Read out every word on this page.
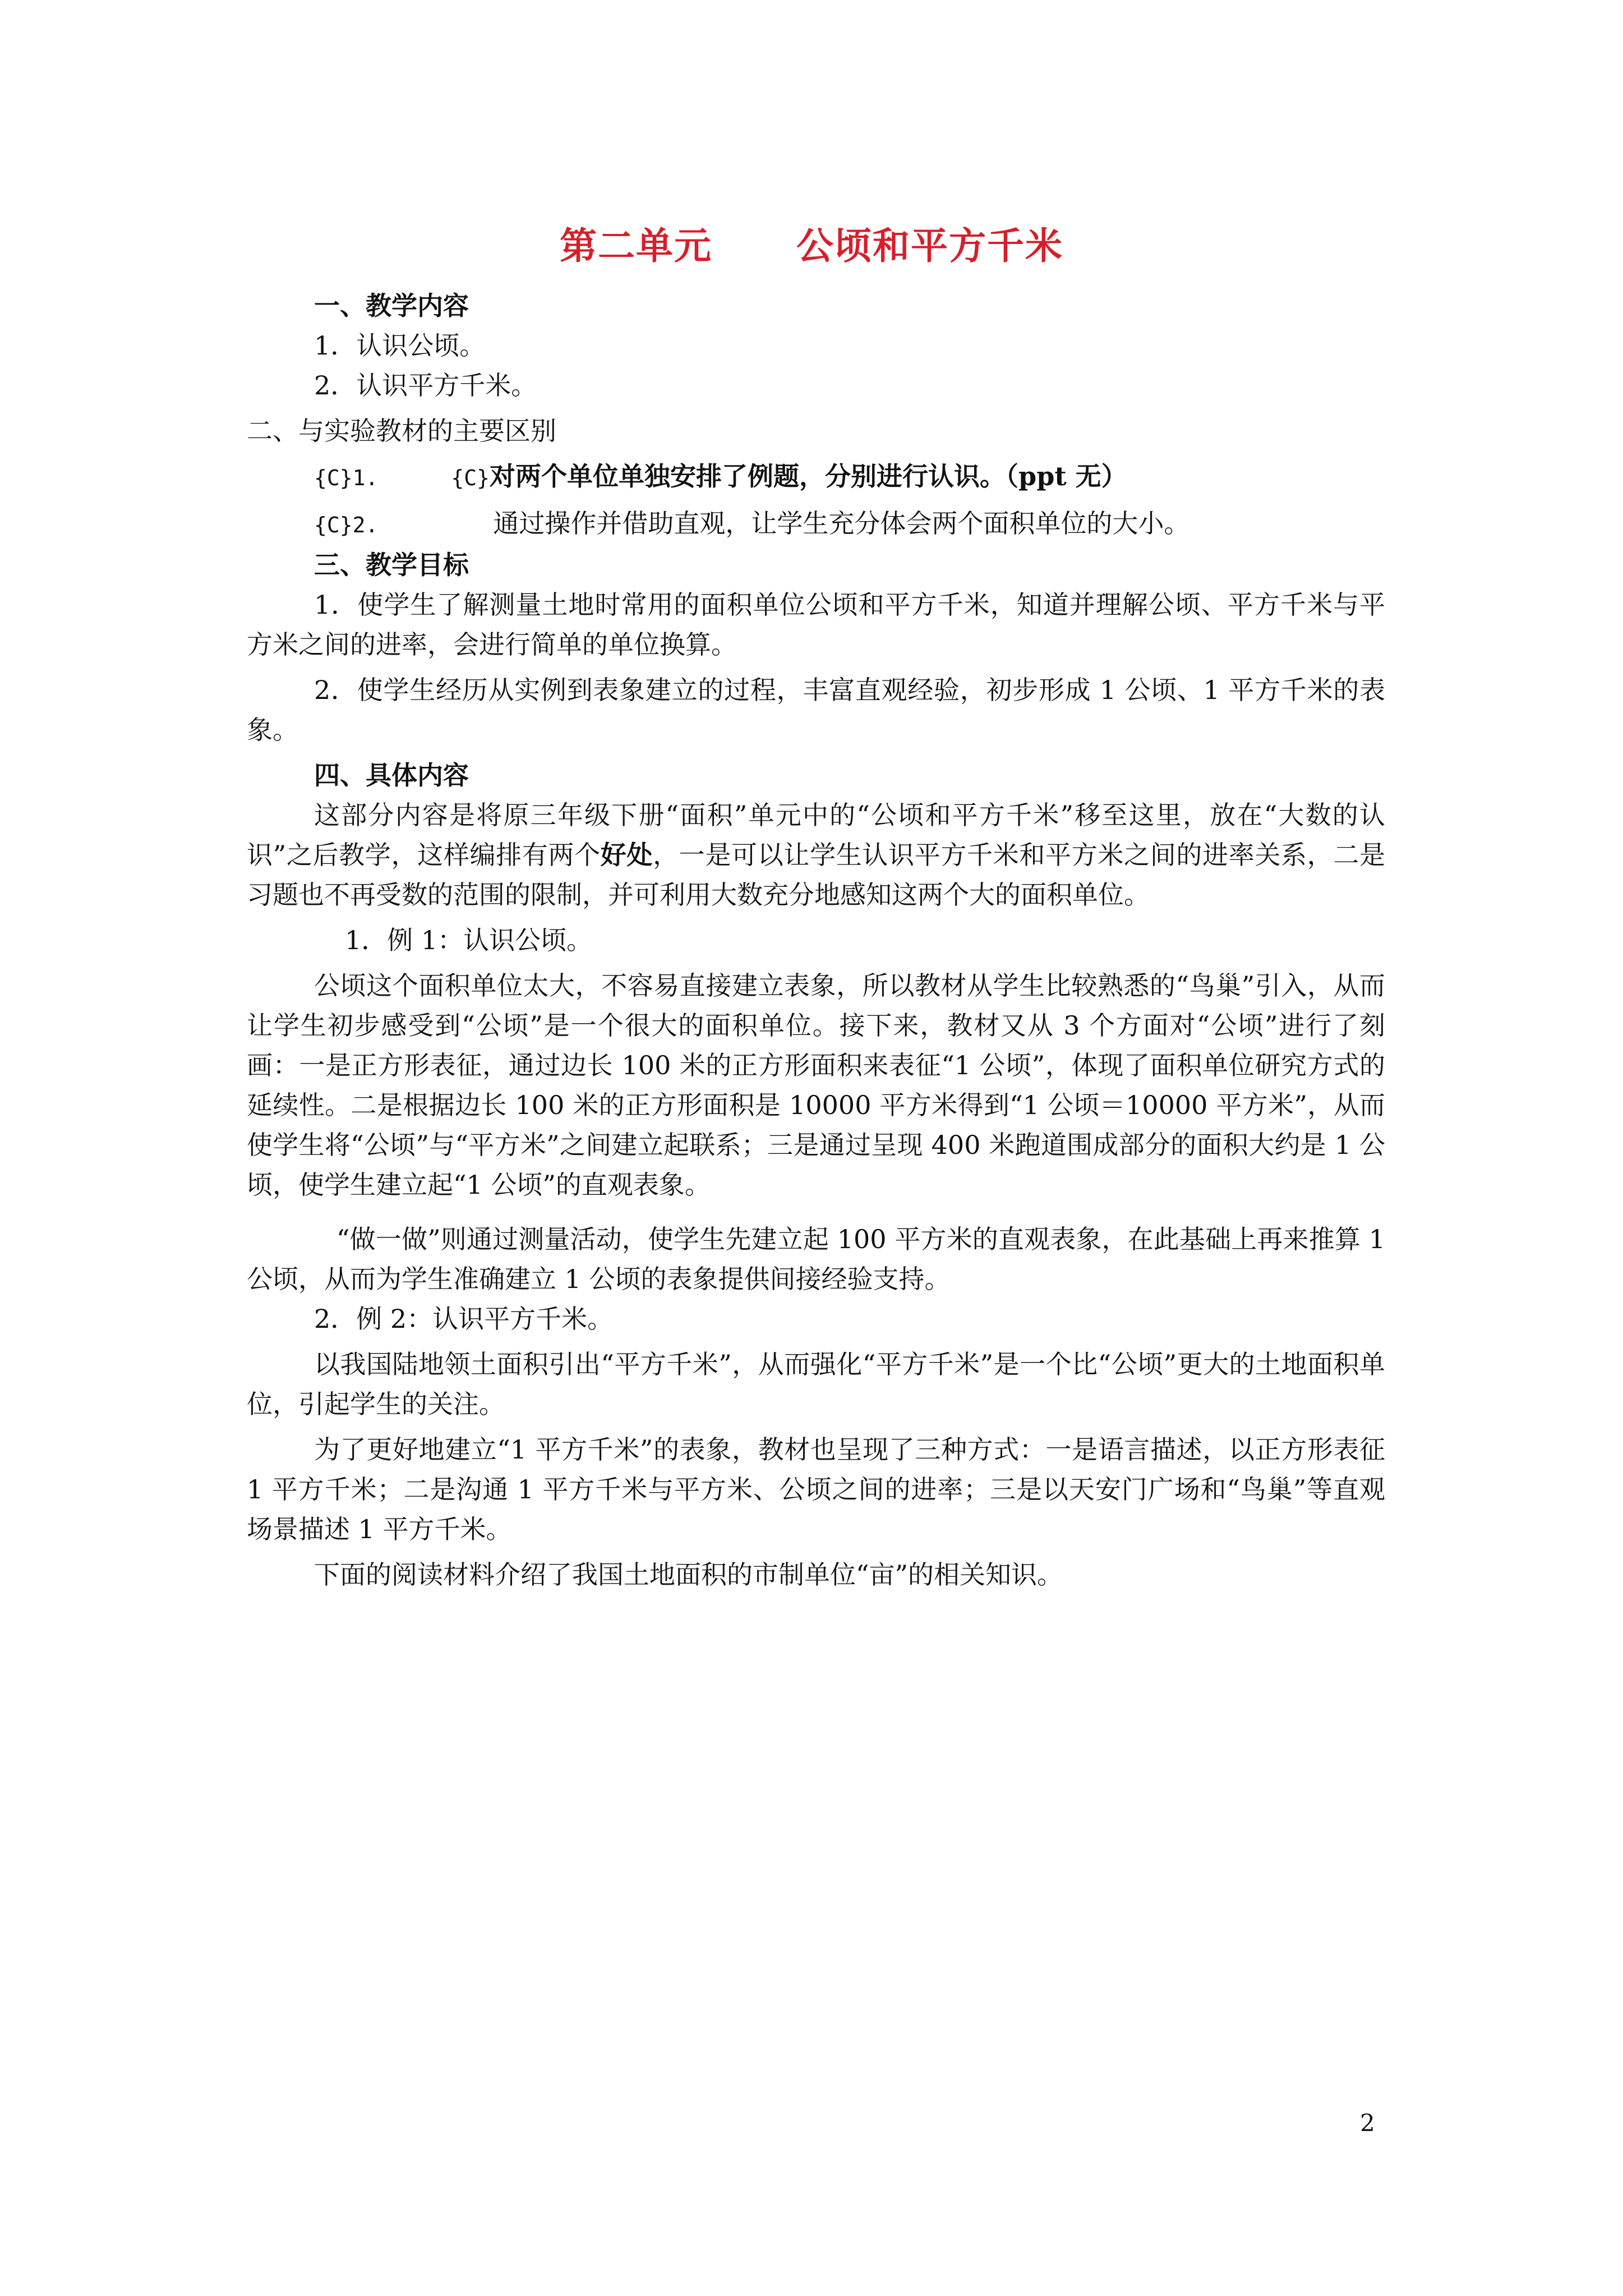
第二单元 公顷和平方千米

一、教学内容

1．认识公顷。

2．认识平方千米。

二、与实验教材的主要区别

{C}1.	{C}对两个单位单独安排了例题，分别进行认识。（ppt 无）

{C}2.	通过操作并借助直观，让学生充分体会两个面积单位的大小。

三、教学目标

1．使学生了解测量土地时常用的面积单位公顷和平方千米，知道并理解公顷、平方千米与平方米之间的进率，会进行简单的单位换算。

2．使学生经历从实例到表象建立的过程，丰富直观经验，初步形成 1 公顷、1 平方千米的表象。

四、具体内容

这部分内容是将原三年级下册“面积”单元中的“公顷和平方千米”移至这里，放在“大数的认识”之后教学，这样编排有两个好处，一是可以让学生认识平方千米和平方米之间的进率关系，二是习题也不再受数的范围的限制，并可利用大数充分地感知这两个大的面积单位。

1．例 1：认识公顷。

公顷这个面积单位太大，不容易直接建立表象，所以教材从学生比较熟悉的“鸟巢”引入，从而让学生初步感受到“公顷”是一个很大的面积单位。接下来，教材又从 3 个方面对“公顷”进行了刻画：一是正方形表征，通过边长 100 米的正方形面积来表征“1 公顷”，体现了面积单位研究方式的延续性。二是根据边长 100 米的正方形面积是 10000 平方米得到“1 公顷＝10000 平方米”，从而使学生将“公顷”与“平方米”之间建立起联系；三是通过呈现 400 米跑道围成部分的面积大约是 1 公顷，使学生建立起“1 公顷”的直观表象。

“做一做”则通过测量活动，使学生先建立起 100 平方米的直观表象，在此基础上再来推算 1 公顷，从而为学生准确建立 1 公顷的表象提供间接经验支持。

2．例 2：认识平方千米。

以我国陆地领土面积引出“平方千米”，从而强化“平方千米”是一个比“公顷”更大的土地面积单位，引起学生的关注。

为了更好地建立“1 平方千米”的表象，教材也呈现了三种方式：一是语言描述，以正方形表征 1 平方千米；二是沟通 1 平方千米与平方米、公顷之间的进率；三是以天安门广场和“鸟巢”等直观场景描述 1 平方千米。

下面的阅读材料介绍了我国土地面积的市制单位“亩”的相关知识。

2
